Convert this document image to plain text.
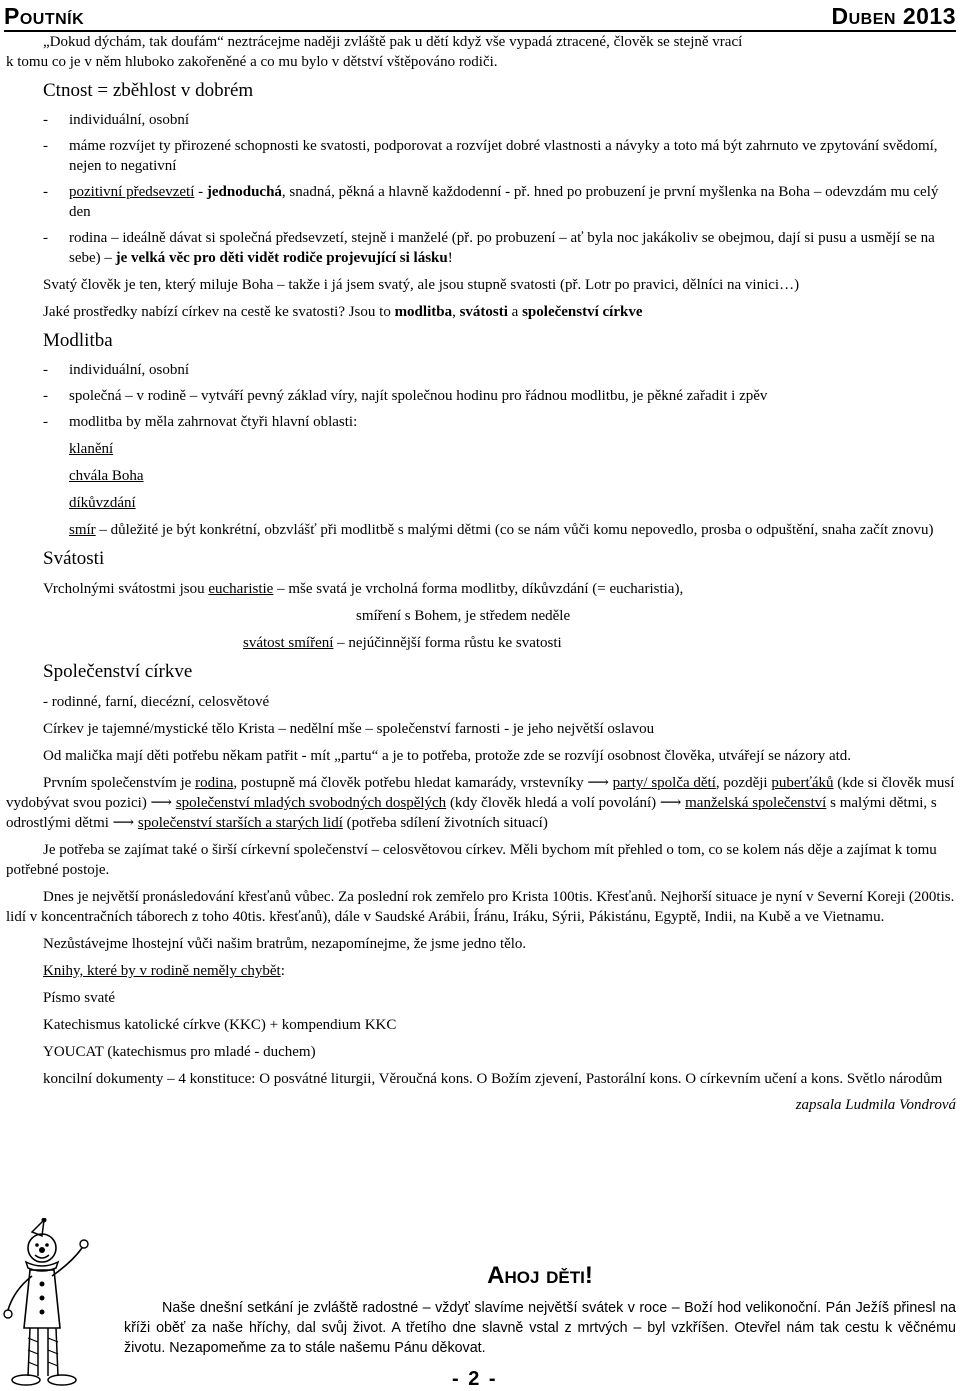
Poutník	Duben 2013

„Dokud dýchám, tak doufám“ neztrácejme naději zvláště pak u dětí když vše vypadá ztracené, člověk se stejně vrací

k tomu co je v něm hluboko zakořeněné a co mu bylo v dětství vštěpováno rodiči.

Ctnost = zběhlost v dobrém

- individuální, osobní

- máme rozvíjet ty přirozené schopnosti ke svatosti, podporovat a rozvíjet dobré vlastnosti a návyky a toto má být zahrnuto ve zpytování svědomí, nejen to negativní

- pozitivní předsevzetí - jednoduchá, snadná, pěkná a hlavně každodenní - př. hned po probuzení je první myšlenka na Boha – odevzdám mu celý den

- rodina – ideálně dávat si společná předsevzetí, stejně i manželé (př. po probuzení – ať byla noc jakákoliv se obejmou, dají si pusu a usmějí se na sebe) – je velká věc pro děti vidět rodiče projevující si lásku!

Svatý člověk je ten, který miluje Boha – takže i já jsem svatý, ale jsou stupně svatosti (př. Lotr po pravici, dělníci na vinici…)

Jaké prostředky nabízí církev na cestě ke svatosti? Jsou to modlitba, svátosti a společenství církve

Modlitba

- individuální, osobní

- společná – v rodině – vytváří pevný základ víry, najít společnou hodinu pro řádnou modlitbu, je pěkné zařadit i zpěv

- modlitba by měla zahrnovat čtyři hlavní oblasti:

klanění

chvála Boha

díkůvzdání

smír – důležité je být konkrétní, obzvlášť při modlitbě s malými dětmi (co se nám vůči komu nepovedlo, prosba o odpuštění, snaha začít znovu)

Svátosti

Vrcholnými svátostmi jsou eucharistie – mše svatá je vrcholná forma modlitby, díkůvzdání (= eucharistia),

smíření s Bohem, je středem neděle

svátost smíření – nejúčinnější forma růstu ke svatosti

Společenství církve

- rodinné, farní, diecézní, celosvětové

Církev je tajemné/mystické tělo Krista – nedělní mše – společenství farnosti - je jeho největší oslavou

Od malička mají děti potřebu někam patřit - mít „partu“ a je to potřeba, protože zde se rozvíjí osobnost člověka, utvářejí se názory atd.

Prvním společenstvím je rodina, postupně má člověk potřebu hledat kamarády, vrstevníky ⟶ party/ spolča dětí, později puberťáků (kde si člověk musí vydobývat svou pozici) ⟶ společenství mladých svobodných dospělých (kdy člověk hledá a volí povolání) ⟶ manželská společenství s malými dětmi, s odrostlými dětmi ⟶ společenství starších a starých lidí (potřeba sdílení životních situací)

Je potřeba se zajímat také o širší církevní společenství – celosvětovou církev. Měli bychom mít přehled o tom, co se kolem nás děje a zajímat k tomu potřebné postoje.

Dnes je největší pronásledování křesťanů vůbec. Za poslední rok zemřelo pro Krista 100tis. Křesťanů. Nejhorší situace je nyní v Severní Koreji (200tis. lidí v koncentračních táborech z toho 40tis. křesťanů), dále v Saudské Arábii, Íránu, Iráku, Sýrii, Pákistánu, Egyptě, Indii, na Kubě a ve Vietnamu.

Nezůstávejme lhostejní vůči našim bratrům, nezapomínejme, že jsme jedno tělo.

Knihy, které by v rodině neměly chybět:

Písmo svaté

Katechismus katolické církve (KKC) + kompendium KKC

YOUCAT (katechismus pro mladé - duchem)

koncilní dokumenty – 4 konstituce: O posvátné liturgii, Věroučná kons. O Božím zjevení, Pastorální kons. O církevním učení a kons. Světlo národům

zapsala Ludmila Vondrová

Ahoj děti!

Naše dnešní setkání je zvláště radostné – vždyť slavíme největší svátek v roce – Boží hod velikonoční. Pán Ježíš přinesl na kříži oběť za naše hříchy, dal svůj život. A třetího dne slavně vstal z mrtvých – byl vzkříšen. Otevřel nám tak cestu k věčnému životu. Nezapomeňme za to stále našemu Pánu děkovat.

- 2 -
